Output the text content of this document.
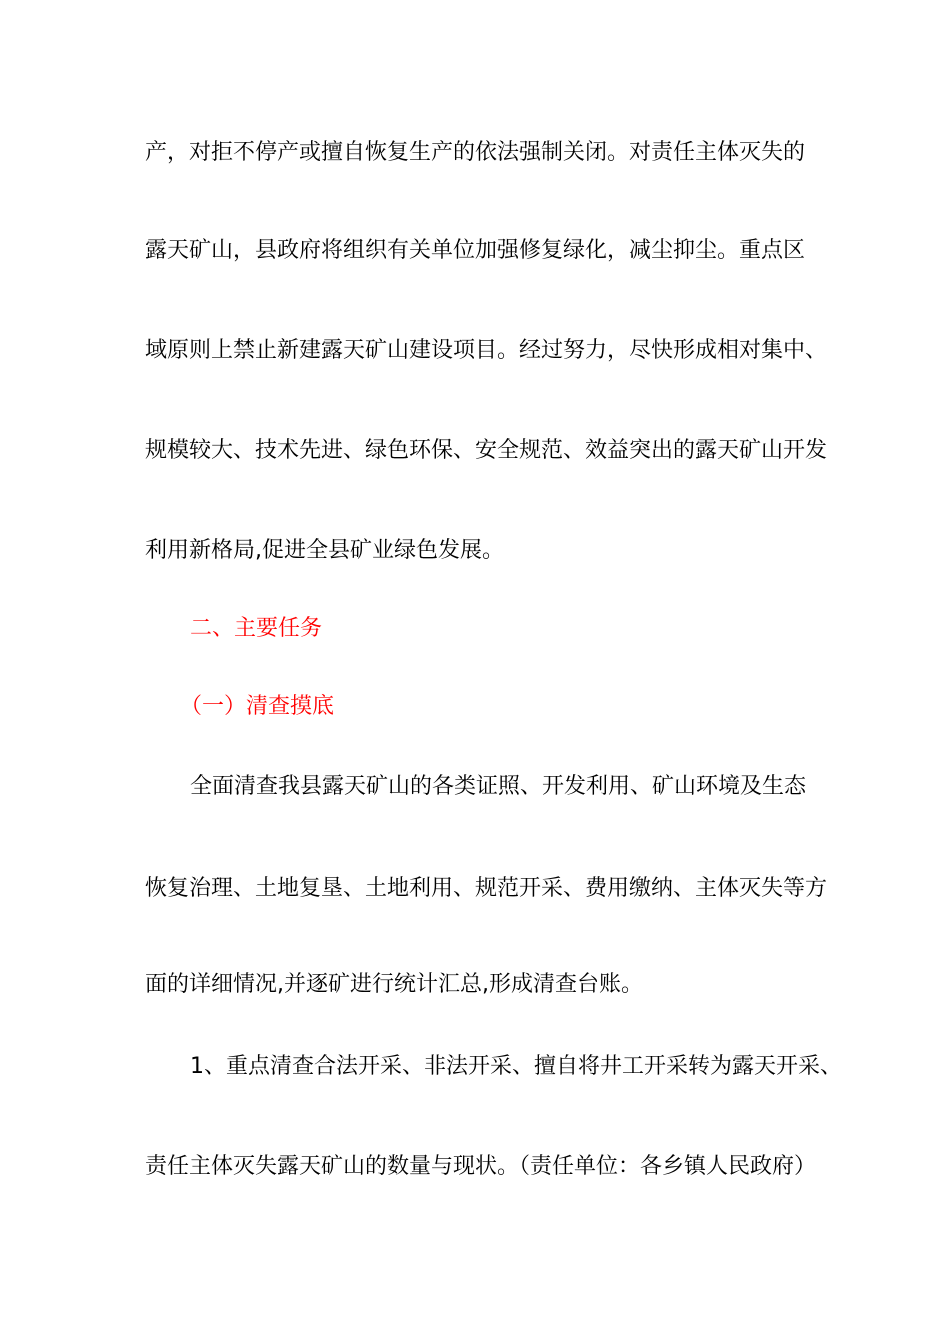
产，对拒不停产或擅自恢复生产的依法强制关闭。对责任主体灭失的
露天矿山，县政府将组织有关单位加强修复绿化，减尘抑尘。重点区
域原则上禁止新建露天矿山建设项目。经过努力，尽快形成相对集中、
规模较大、技术先进、绿色环保、安全规范、效益突出的露天矿山开发
利用新格局,促进全县矿业绿色发展。
二、主要任务
（一）清查摸底
全面清查我县露天矿山的各类证照、开发利用、矿山环境及生态
恢复治理、土地复垦、土地利用、规范开采、费用缴纳、主体灭失等方
面的详细情况,并逐矿进行统计汇总,形成清查台账。
1、重点清查合法开采、非法开采、擅自将井工开采转为露天开采、
责任主体灭失露天矿山的数量与现状。（责任单位：各乡镇人民政府）
